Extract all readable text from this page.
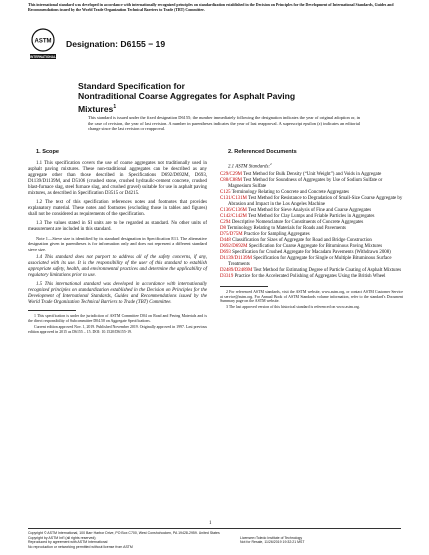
This international standard was developed in accordance with internationally recognized principles on standardization established in the Decision on Principles for the Development of International Standards, Guides and Recommendations issued by the World Trade Organization Technical Barriers to Trade (TBT) Committee.
ASTM
INTERNATIONAL
Designation: D6155 − 19
Standard Specification for
Nontraditional Coarse Aggregates for Asphalt Paving
Mixtures$^1$
This standard is issued under the fixed designation D6155; the number immediately following the designation indicates the year of original adoption or, in the case of revision, the year of last revision. A number in parentheses indicates the year of last reapproval. A superscript epsilon (ε) indicates an editorial change since the last revision or reapproval.
1. Scope

1.1 This specification covers the use of coarse aggregates not traditionally used in asphalt paving mixtures. These non-traditional aggregates can be described as any aggregate other than those described in Specifications D692/D692M, D693, D1139/D1139M, and D5106 (crushed stone, crushed hydraulic-cement concrete, crushed blast-furnace slag, steel furnace slag, and crushed gravel) suitable for use in asphalt paving mixtures, as described in Specification D3515 or D4215.

1.2 The text of this specification references notes and footnotes that provides explanatory material. These notes and footnotes (excluding those in tables and figures) shall not be considered as requirements of the specification.

1.3 The values stated in SI units are to be regarded as standard. No other units of measurement are included in this standard.

Note 1—Sieve size is identified by its standard designation in Specification E11. The alternative designation given in parentheses is for information only and does not represent a different standard sieve size.

1.4 This standard does not purport to address all of the safety concerns, if any, associated with its use. It is the responsibility of the user of this standard to establish appropriate safety, health, and environmental practices and determine the applicability of regulatory limitations prior to use.

1.5 This international standard was developed in accordance with internationally recognized principles on standardization established in the Decision on Principles for the Development of International Standards, Guides and Recommendations issued by the World Trade Organization Technical Barriers to Trade (TBT) Committee.

1 This specification is under the jurisdiction of ASTM Committee D04 on Road and Paving Materials and is the direct responsibility of Subcommittee D04.50 on Aggregate Specifications.

Current edition approved Nov. 1, 2019. Published November 2019. Originally approved in 1997. Last previous edition approved in 2015 as D6155 – 15. DOI: 10.1520/D6155-19.

2. Referenced Documents
2.1 ASTM Standards:$^2$

C29/C29M Test Method for Bulk Density (“Unit Weight”) and Voids in Aggregate

C88/C88M Test Method for Soundness of Aggregates by Use of Sodium Sulfate or Magnesium Sulfate

C125 Terminology Relating to Concrete and Concrete Aggregates

C131/C131M Test Method for Resistance to Degradation of Small-Size Coarse Aggregate by Abrasion and Impact in the Los Angeles Machine

C136/C136M Test Method for Sieve Analysis of Fine and Coarse Aggregates

C142/C142M Test Method for Clay Lumps and Friable Particles in Aggregates

C294 Descriptive Nomenclature for Constituents of Concrete Aggregates

D8 Terminology Relating to Materials for Roads and Pavements

D75/D75M Practice for Sampling Aggregates

D448 Classification for Sizes of Aggregate for Road and Bridge Construction

D692/D692M Specification for Coarse Aggregate for Bituminous Paving Mixtures

D693 Specification for Crushed Aggregate for Macadam Pavements (Withdrawn 2008)

D1139/D1139M Specification for Aggregate for Single or Multiple Bituminous Surface Treatments

D2489/D2489M Test Method for Estimating Degree of Particle Coating of Asphalt Mixtures

D3319 Practice for the Accelerated Polishing of Aggregates Using the British Wheel

2 For referenced ASTM standards, visit the ASTM website, www.astm.org, or contact ASTM Customer Service at service@astm.org. For Annual Book of ASTM Standards volume information, refer to the standard's Document Summary page on the ASTM website.

3 The last approved version of this historical standard is referenced on www.astm.org.

1
Copyright © ASTM International, 100 Barr Harbor Drive, PO Box C700, West Conshohocken, PA 19428-2959. United States
Copyright by ASTM Int'l (all rights reserved);
Reproduced by agreement with ASTM International
No reproduction or networking permitted without license from ASTM
Licensee=Toledo Institute of Technology
Not for Resale, 11/26/2019 19:32:21 MST
